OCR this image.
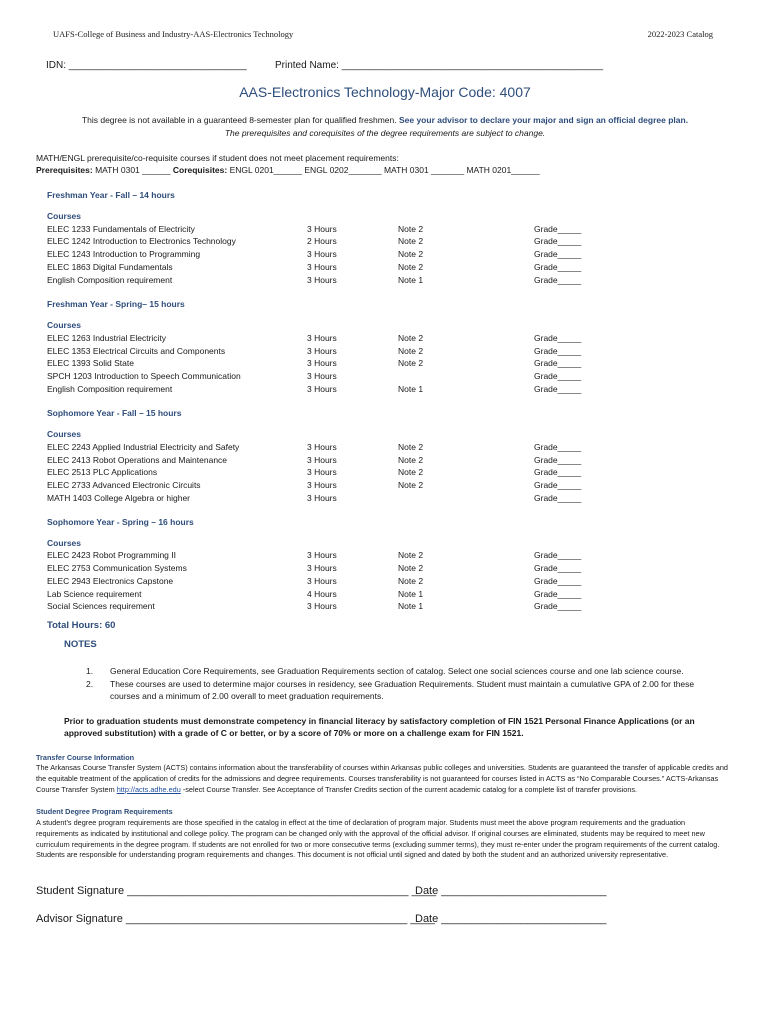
UAFS-College of Business and Industry-AAS-Electronics Technology	2022-2023 Catalog
IDN: ________________________________	Printed Name: _______________________________________________
AAS-Electronics Technology-Major Code: 4007
This degree is not available in a guaranteed 8-semester plan for qualified freshmen. See your advisor to declare your major and sign an official degree plan.
The prerequisites and corequisites of the degree requirements are subject to change.
MATH/ENGL prerequisite/co-requisite courses if student does not meet placement requirements:
Prerequisites: MATH 0301 ______ Corequisites: ENGL 0201______ ENGL 0202_______ MATH 0301 _______ MATH 0201______
Freshman Year - Fall – 14 hours
Courses
ELEC 1233 Fundamentals of Electricity	3 Hours	Note 2	Grade_____
ELEC 1242 Introduction to Electronics Technology	2 Hours	Note 2	Grade_____
ELEC 1243 Introduction to Programming	3 Hours	Note 2	Grade_____
ELEC 1863 Digital Fundamentals	3 Hours	Note 2	Grade_____
English Composition requirement	3 Hours	Note 1	Grade_____
Freshman Year - Spring– 15 hours
Courses
ELEC 1263 Industrial Electricity	3 Hours	Note 2	Grade_____
ELEC 1353 Electrical Circuits and Components	3 Hours	Note 2	Grade_____
ELEC 1393 Solid State	3 Hours	Note 2	Grade_____
SPCH 1203 Introduction to Speech Communication	3 Hours	Grade_____
English Composition requirement	3 Hours	Note 1	Grade_____
Sophomore Year - Fall – 15 hours
Courses
ELEC 2243 Applied Industrial Electricity and Safety	3 Hours	Note 2	Grade_____
ELEC 2413 Robot Operations and Maintenance	3 Hours	Note 2	Grade_____
ELEC 2513 PLC Applications	3 Hours	Note 2	Grade_____
ELEC 2733 Advanced Electronic Circuits	3 Hours	Note 2	Grade_____
MATH 1403 College Algebra or higher	3 Hours	Grade_____
Sophomore Year - Spring – 16 hours
Courses
ELEC 2423 Robot Programming II	3 Hours	Note 2	Grade_____
ELEC 2753 Communication Systems	3 Hours	Note 2	Grade_____
ELEC 2943 Electronics Capstone	3 Hours	Note 2	Grade_____
Lab Science requirement	4 Hours	Note 1	Grade_____
Social Sciences requirement	3 Hours	Note 1	Grade_____
Total Hours: 60
NOTES
1. General Education Core Requirements, see Graduation Requirements section of catalog. Select one social sciences course and one lab science course.
2. These courses are used to determine major courses in residency, see Graduation Requirements. Student must maintain a cumulative GPA of 2.00 for these courses and a minimum of 2.00 overall to meet graduation requirements.
Prior to graduation students must demonstrate competency in financial literacy by satisfactory completion of FIN 1521 Personal Finance Applications (or an approved substitution) with a grade of C or better, or by a score of 70% or more on a challenge exam for FIN 1521.
Transfer Course Information
The Arkansas Course Transfer System (ACTS) contains information about the transferability of courses within Arkansas public colleges and universities. Students are guaranteed the transfer of applicable credits and the equitable treatment of the application of credits for the admissions and degree requirements. Courses transferability is not guaranteed for courses listed in ACTS as “No Comparable Courses.” ACTS-Arkansas Course Transfer System http://acts.adhe.edu -select Course Transfer. See Acceptance of Transfer Credits section of the current academic catalog for a complete list of transfer provisions.
Student Degree Program Requirements
A student’s degree program requirements are those specified in the catalog in effect at the time of declaration of program major. Students must meet the above program requirements and the graduation requirements as indicated by institutional and college policy. The program can be changed only with the approval of the official advisor. If original courses are eliminated, students may be required to meet new curriculum requirements in the degree program. If students are not enrolled for two or more consecutive terms (excluding summer terms), they must re-enter under the program requirements of the current catalog. Students are responsible for understanding program requirements and changes. This document is not official until signed and dated by both the student and an authorized university representative.
Student Signature ______________________________________________ ____
Date ___________________________
Advisor Signature ______________________________________________ ____
Date ___________________________
